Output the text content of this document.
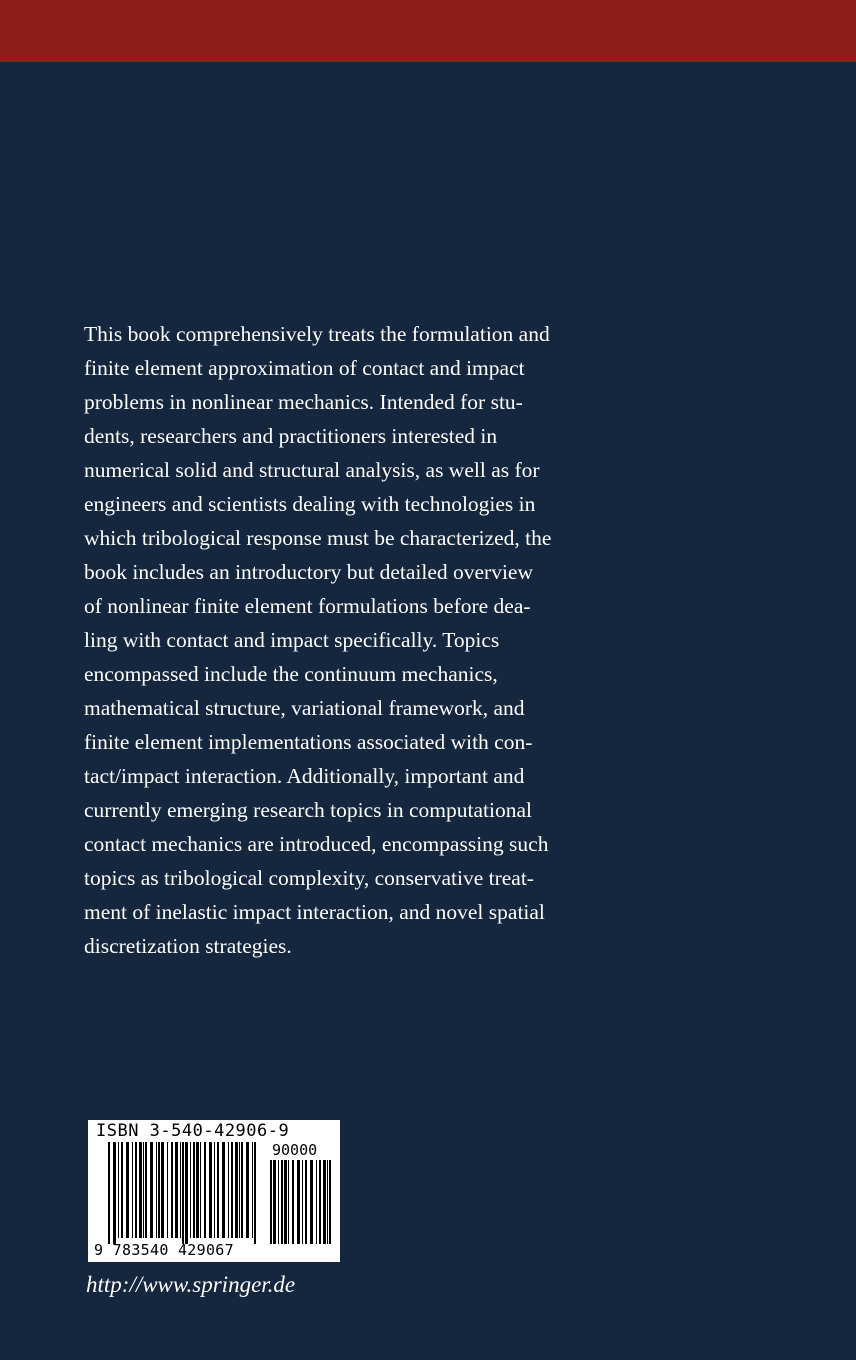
This book comprehensively treats the formulation and
finite element approximation of contact and impact
problems in nonlinear mechanics. Intended for stu-
dents, researchers and practitioners interested in
numerical solid and structural analysis, as well as for
engineers and scientists dealing with technologies in
which tribological response must be characterized, the
book includes an introductory but detailed overview
of nonlinear finite element formulations before dea-
ling with contact and impact specifically. Topics
encompassed include the continuum mechanics,
mathematical structure, variational framework, and
finite element implementations associated with con-
tact/impact interaction. Additionally, important and
currently emerging research topics in computational
contact mechanics are introduced, encompassing such
topics as tribological complexity, conservative treat-
ment of inelastic impact interaction, and novel spatial
discretization strategies.
ISBN 3-540-42906-9
90000
9 783540 429067
http://www.springer.de
